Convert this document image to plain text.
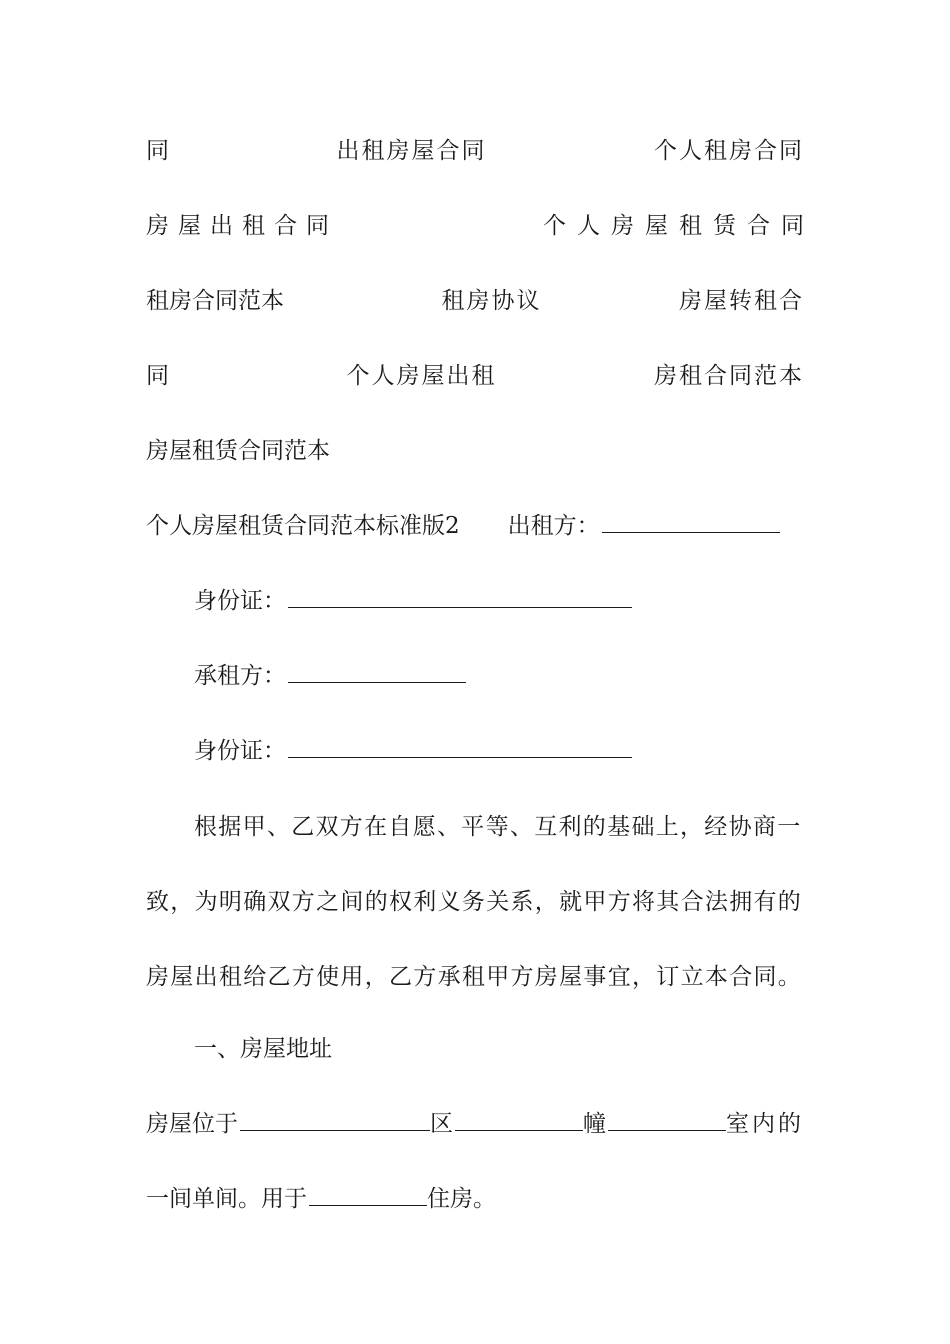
同	出租房屋合同	个人租房合同
房屋出租合同	个人房屋租赁合同
租房合同范本	租房协议	房屋转租合
同	个人房屋出租	房租合同范本
房屋租赁合同范本
个人房屋租赁合同范本标准版2 出租方：
身份证：
承租方：
身份证：
根据甲、乙双方在自愿、平等、互利的基础上，经协商一致，为明确双方之间的权利义务关系，就甲方将其合法拥有的房屋出租给乙方使用，乙方承租甲方房屋事宜，订立本合同。
一、房屋地址
房屋位于	区	幢	室内的
一间单间。用于	住房。
